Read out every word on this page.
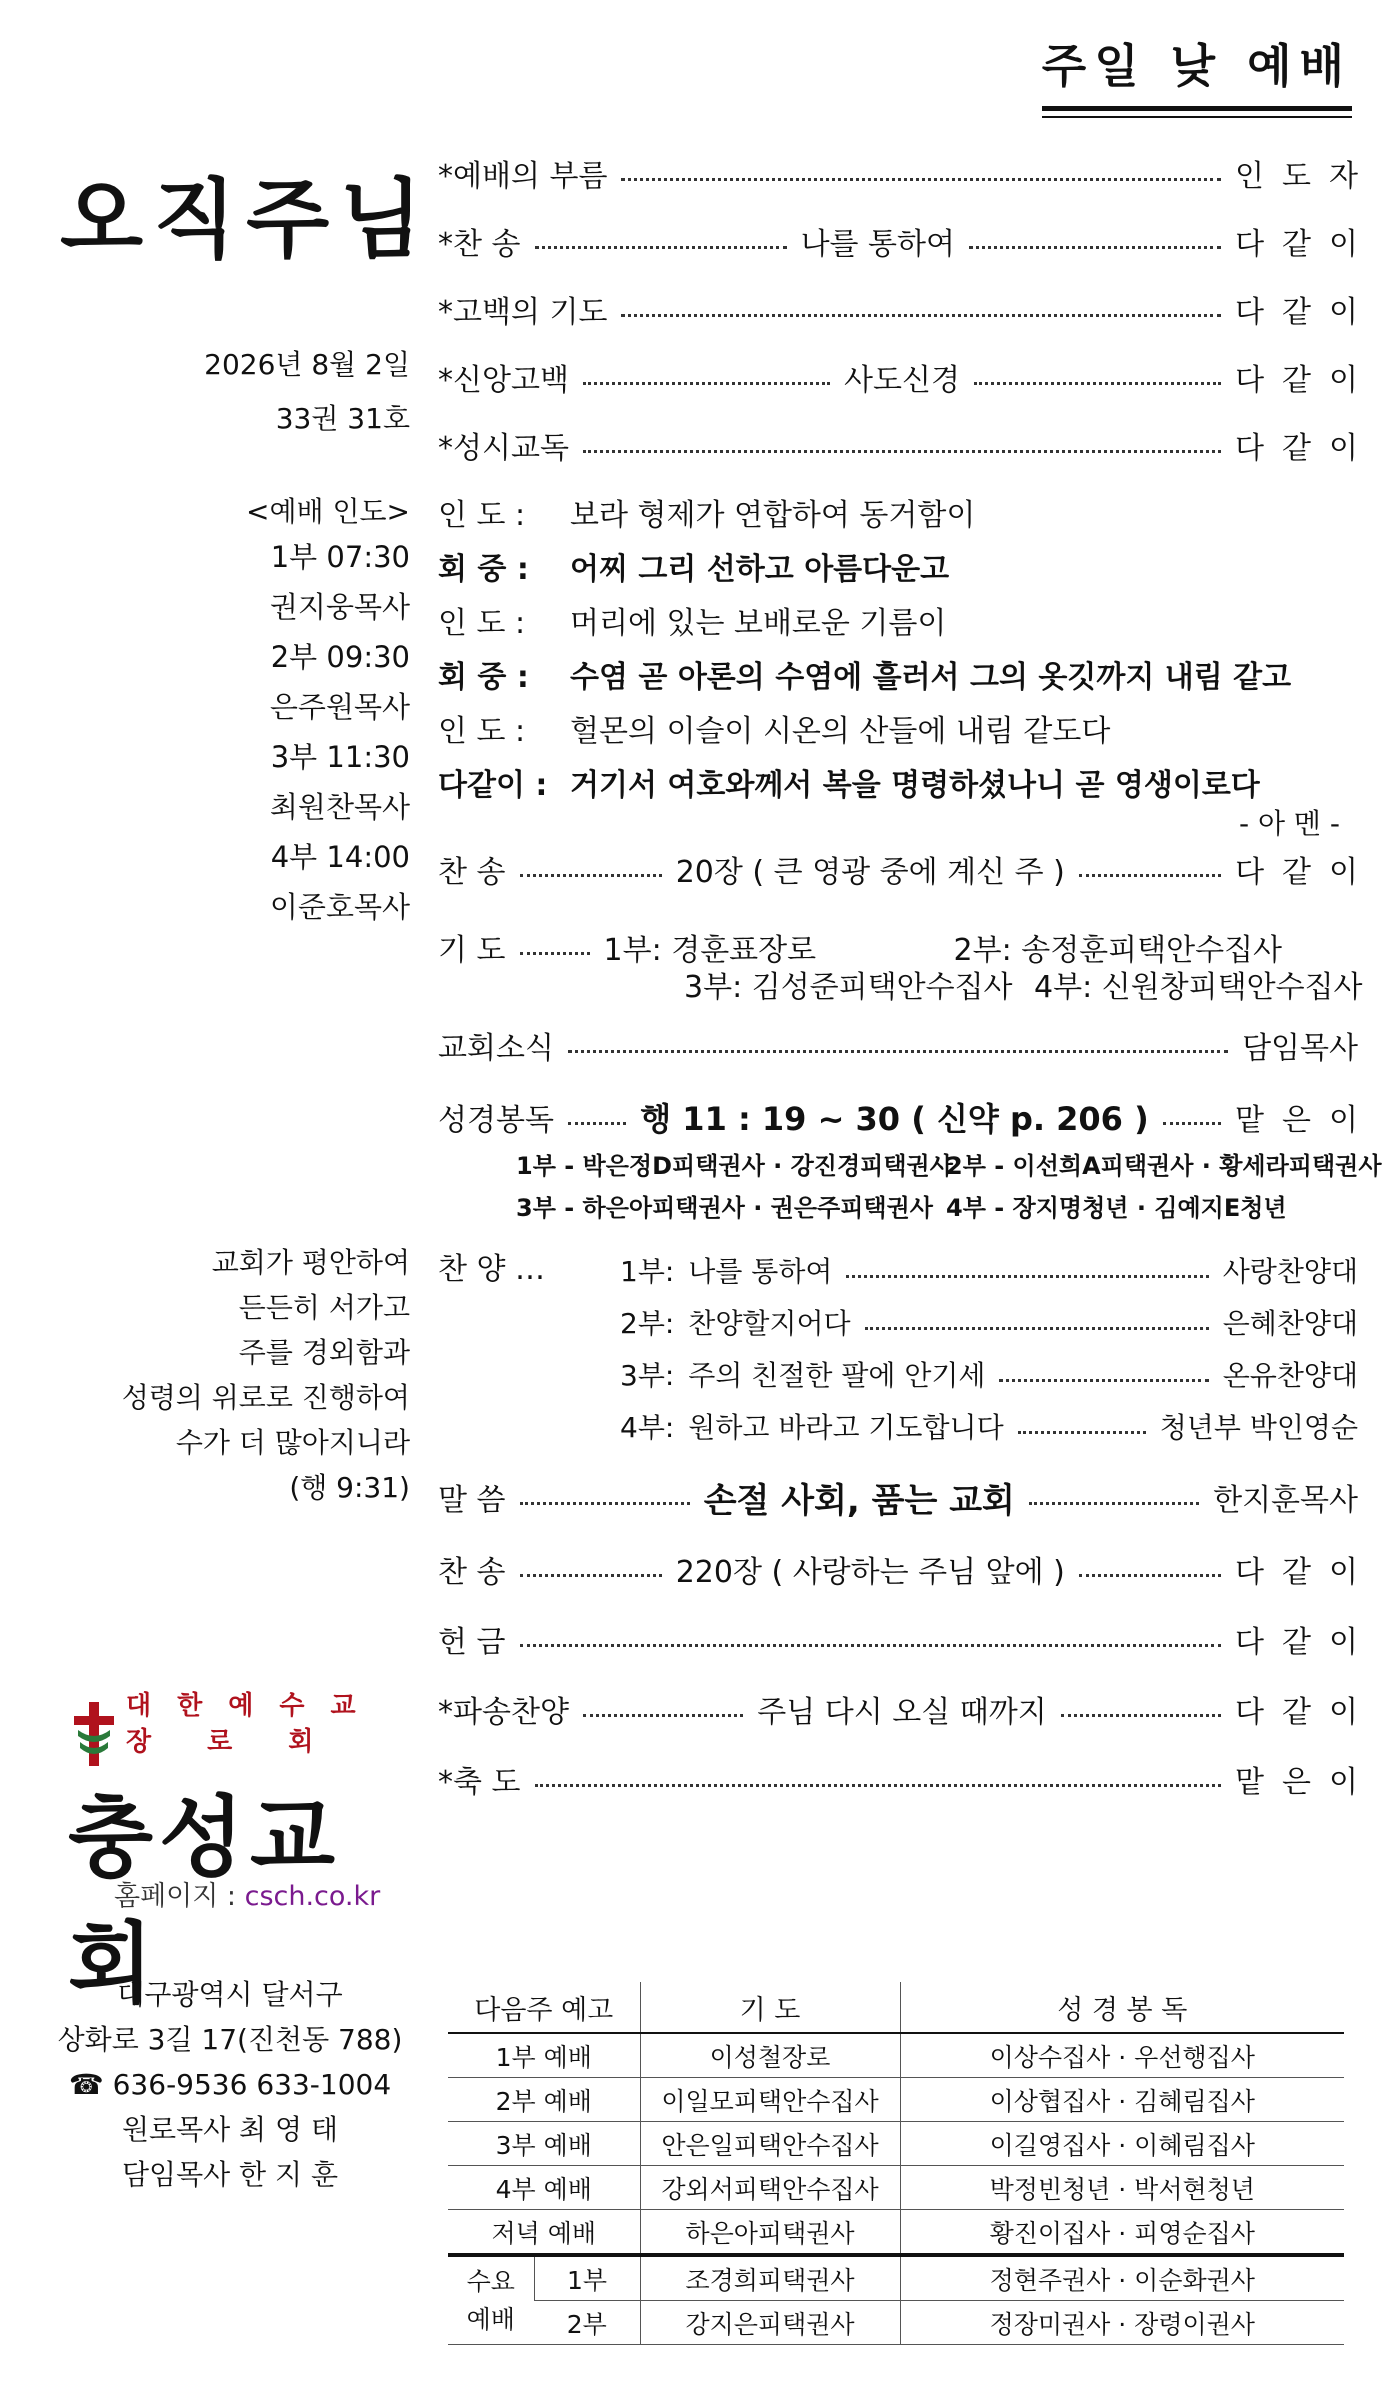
주일 낮 예배
오직주님
2026년 8월 2일
33권 31호
<예배 인도>
1부 07:30
권지웅목사
2부 09:30
은주원목사
3부 11:30
최원찬목사
4부 14:00
이준호목사
교회가 평안하여
든든히 서가고
주를 경외함과
성령의 위로로 진행하여
수가 더 많아지니라
(행 9:31)
대한예수교
장로회
충성교회
홈페이지 : csch.co.kr
대구광역시 달서구
상화로 3길 17(진천동 788)
☎ 636-9536 633-1004
원로목사 최 영 태
담임목사 한 지 훈
*예배의 부름	인도자
*찬 송	나를 통하여	다같이
*고백의 기도	다같이
*신앙고백	사도신경	다같이
*성시교독	다같이
인 도 : 보라 형제가 연합하여 동거함이
회 중 : 어찌 그리 선하고 아름다운고
인 도 : 머리에 있는 보배로운 기름이
회 중 : 수염 곧 아론의 수염에 흘러서 그의 옷깃까지 내림 같고
인 도 : 헐몬의 이슬이 시온의 산들에 내림 같도다
다같이 : 거기서 여호와께서 복을 명령하셨나니 곧 영생이로다
- 아 멘 -
찬 송	20장 ( 큰 영광 중에 계신 주 )	다같이
기 도	1부: 경훈표장로	2부: 송정훈피택안수집사
3부: 김성준피택안수집사 4부: 신원창피택안수집사
교회소식	담임목사
성경봉독	행 11 : 19 ~ 30 ( 신약 p. 206 )	맡은이
1부 - 박은정D피택권사 · 강진경피택권사
2부 - 이선희A피택권사 · 황세라피택권사
3부 - 하은아피택권사 · 권은주피택권사 4부 - 장지명청년 · 김예지E청년
찬 양 …	1부: 나를 통하여	사랑찬양대
2부: 찬양할지어다	은혜찬양대
3부: 주의 친절한 팔에 안기세	온유찬양대
4부: 원하고 바라고 기도합니다	청년부 박인영순
말 씀	손절 사회, 품는 교회	한지훈목사
찬 송	220장 ( 사랑하는 주님 앞에 )	다같이
헌 금	다같이
*파송찬양	주님 다시 오실 때까지	다같이
*축 도	맡은이
다음주 예고		기 도	성 경 봉 독
1부 예배		이성철장로	이상수집사 · 우선행집사
2부 예배		이일모피택안수집사	이상협집사 · 김혜림집사
3부 예배		안은일피택안수집사	이길영집사 · 이혜림집사
4부 예배		강외서피택안수집사	박정빈청년 · 박서현청년
저녁 예배		하은아피택권사	황진이집사 · 피영순집사

수요
예배	1부	조경희피택권사	정현주권사 · 이순화권사
	2부	강지은피택권사	정장미권사 · 장령이권사
